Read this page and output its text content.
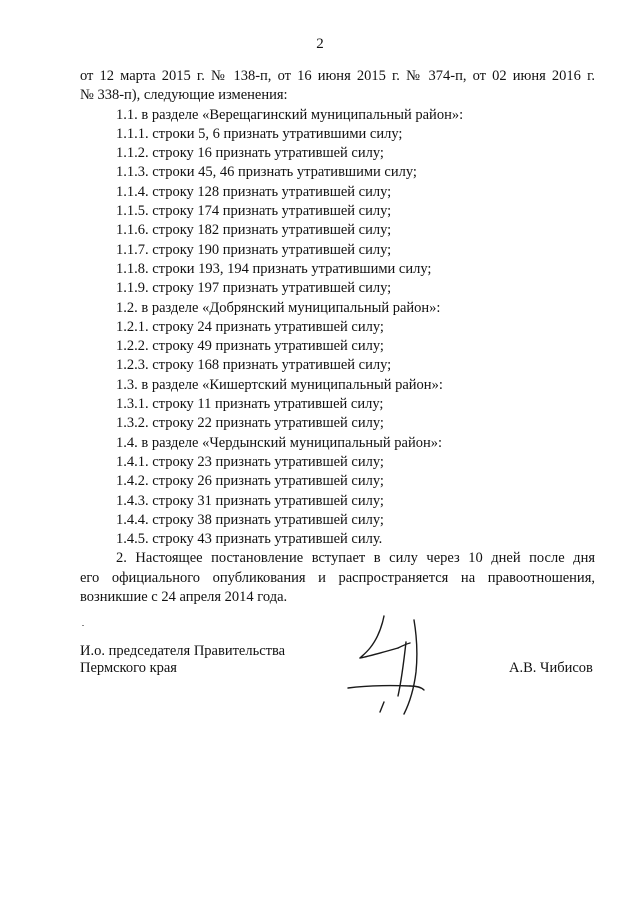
2
от 12 марта 2015 г. № 138-п, от 16 июня 2015 г. № 374-п, от 02 июня 2016 г.
№ 338-п), следующие изменения:
1.1. в разделе «Верещагинский муниципальный район»:
1.1.1. строки 5, 6 признать утратившими силу;
1.1.2. строку 16 признать утратившей силу;
1.1.3. строки 45, 46 признать утратившими силу;
1.1.4. строку 128 признать утратившей силу;
1.1.5. строку 174 признать утратившей силу;
1.1.6. строку 182 признать утратившей силу;
1.1.7. строку 190 признать утратившей силу;
1.1.8. строки 193, 194 признать утратившими силу;
1.1.9. строку 197 признать утратившей силу;
1.2. в разделе «Добрянский муниципальный район»:
1.2.1. строку 24 признать утратившей силу;
1.2.2. строку 49 признать утратившей силу;
1.2.3. строку 168 признать утратившей силу;
1.3. в разделе «Кишертский муниципальный район»:
1.3.1. строку 11 признать утратившей силу;
1.3.2. строку 22 признать утратившей силу;
1.4. в разделе «Чердынский муниципальный район»:
1.4.1. строку 23 признать утратившей силу;
1.4.2. строку 26 признать утратившей силу;
1.4.3. строку 31 признать утратившей силу;
1.4.4. строку 38 признать утратившей силу;
1.4.5. строку 43 признать утратившей силу.
2. Настоящее постановление вступает в силу через 10 дней после дня
его официального опубликования и распространяется на правоотношения,
возникшие с 24 апреля 2014 года.
И.о. председателя Правительства
Пермского края	А.В. Чибисов
